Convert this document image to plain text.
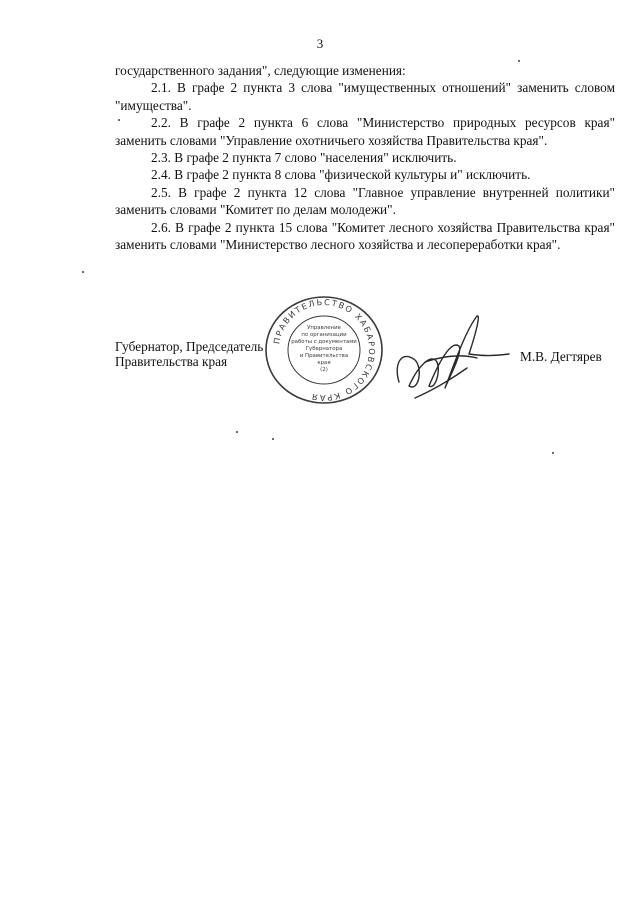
3

государственного задания", следующие изменения:

2.1. В графе 2 пункта 3 слова "имущественных отношений" заменить словом "имущества".

2.2. В графе 2 пункта 6 слова "Министерство природных ресурсов края" заменить словами "Управление охотничьего хозяйства Правительства края".

2.3. В графе 2 пункта 7 слово "населения" исключить.

2.4. В графе 2 пункта 8 слова "физической культуры и" исключить.

2.5. В графе 2 пункта 12 слова "Главное управление внутренней политики" заменить словами "Комитет по делам молодежи".

2.6. В графе 2 пункта 15 слова "Комитет лесного хозяйства Правительства края" заменить словами "Министерство лесного хозяйства и лесопереработки края".

Губернатор, Председатель
Правительства края
ПРАВИТЕЛЬСТВО ХАБАРОВСКОГО КРАЯ
Управление
по организации
работы с документами
Губернатора
и Правительства
края
(2)
М.В. Дегтярев
